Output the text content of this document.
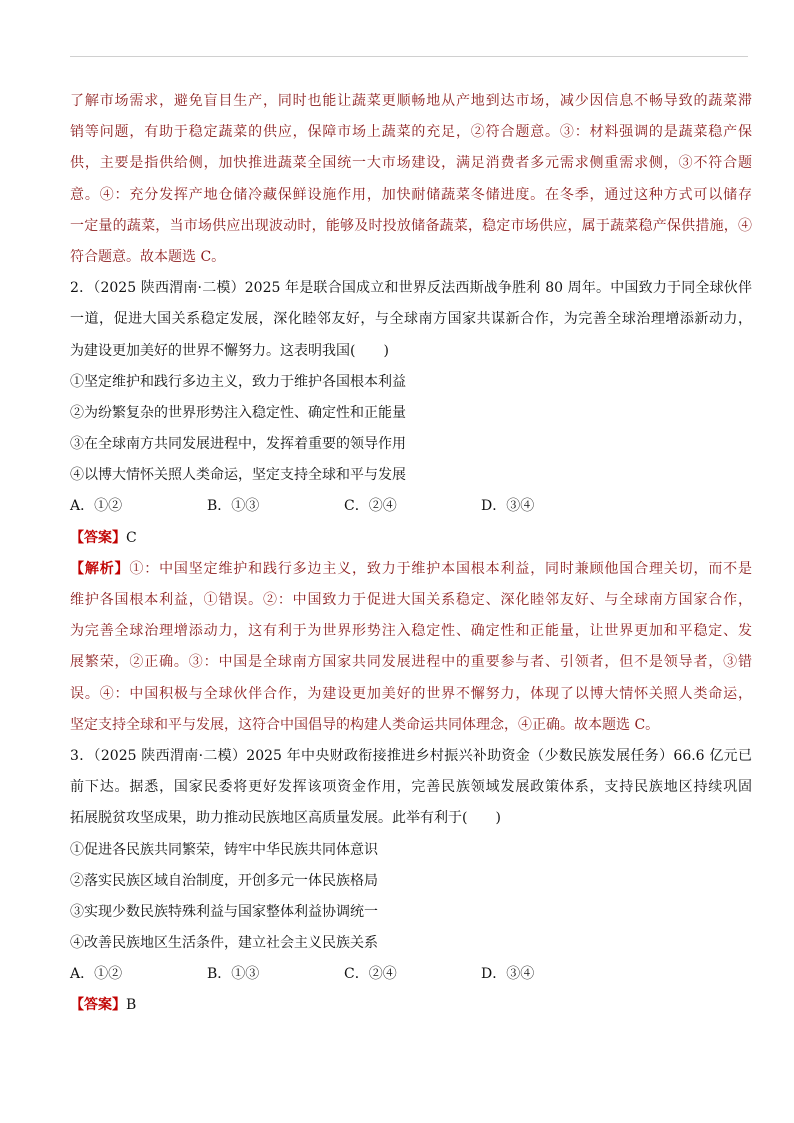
了解市场需求，避免盲目生产，同时也能让蔬菜更顺畅地从产地到达市场，减少因信息不畅导致的蔬菜滞
销等问题，有助于稳定蔬菜的供应，保障市场上蔬菜的充足，②符合题意。③：材料强调的是蔬菜稳产保
供，主要是指供给侧，加快推进蔬菜全国统一大市场建设，满足消费者多元需求侧重需求侧，③不符合题
意。④：充分发挥产地仓储冷藏保鲜设施作用，加快耐储蔬菜冬储进度。在冬季，通过这种方式可以储存
一定量的蔬菜，当市场供应出现波动时，能够及时投放储备蔬菜，稳定市场供应，属于蔬菜稳产保供措施，④
符合题意。故本题选 C。
2．（2025 陕西渭南·二模）2025 年是联合国成立和世界反法西斯战争胜利 80 周年。中国致力于同全球伙伴
一道，促进大国关系稳定发展，深化睦邻友好，与全球南方国家共谋新合作，为完善全球治理增添新动力，
为建设更加美好的世界不懈努力。这表明我国(　　)
①坚定维护和践行多边主义，致力于维护各国根本利益
②为纷繁复杂的世界形势注入稳定性、确定性和正能量
③在全球南方共同发展进程中，发挥着重要的领导作用
④以博大情怀关照人类命运，坚定支持全球和平与发展
A．①②	B．①③	C．②④	D．③④
【答案】C
【解析】①：中国坚定维护和践行多边主义，致力于维护本国根本利益，同时兼顾他国合理关切，而不是
维护各国根本利益，①错误。②：中国致力于促进大国关系稳定、深化睦邻友好、与全球南方国家合作，
为完善全球治理增添动力，这有利于为世界形势注入稳定性、确定性和正能量，让世界更加和平稳定、发
展繁荣，②正确。③：中国是全球南方国家共同发展进程中的重要参与者、引领者，但不是领导者，③错
误。④：中国积极与全球伙伴合作，为建设更加美好的世界不懈努力，体现了以博大情怀关照人类命运，
坚定支持全球和平与发展，这符合中国倡导的构建人类命运共同体理念，④正确。故本题选 C。
3．（2025 陕西渭南·二模）2025 年中央财政衔接推进乡村振兴补助资金（少数民族发展任务）66.6 亿元已
前下达。据悉，国家民委将更好发挥该项资金作用，完善民族领域发展政策体系，支持民族地区持续巩固
拓展脱贫攻坚成果，助力推动民族地区高质量发展。此举有利于(　　)
①促进各民族共同繁荣，铸牢中华民族共同体意识
②落实民族区域自治制度，开创多元一体民族格局
③实现少数民族特殊利益与国家整体利益协调统一
④改善民族地区生活条件，建立社会主义民族关系
A．①②	B．①③	C．②④	D．③④
【答案】B
